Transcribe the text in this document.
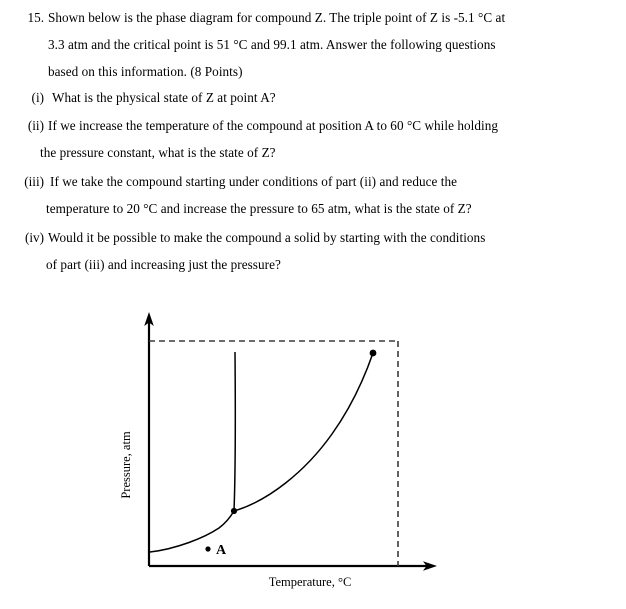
15. Shown below is the phase diagram for compound Z. The triple point of Z is -5.1 °C at
3.3 atm and the critical point is 51 °C and 99.1 atm. Answer the following questions
based on this information. (8 Points)
(i) What is the physical state of Z at point A?
(ii) If we increase the temperature of the compound at position A to 60 °C while holding
the pressure constant, what is the state of Z?
(iii) If we take the compound starting under conditions of part (ii) and reduce the
temperature to 20 °C and increase the pressure to 65 atm, what is the state of Z?
(iv) Would it be possible to make the compound a solid by starting with the conditions
of part (iii) and increasing just the pressure?
A
Pressure, atm
Temperature, °C
